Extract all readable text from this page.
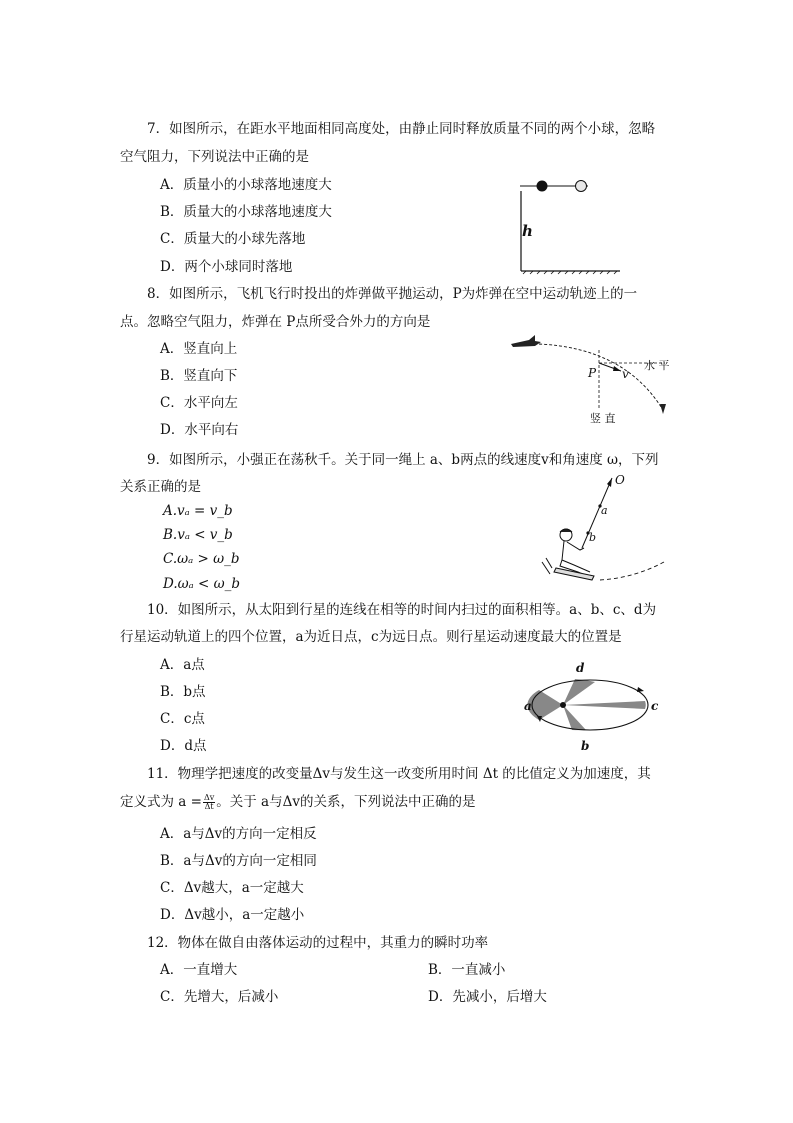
7．如图所示，在距水平地面相同高度处，由静止同时释放质量不同的两个小球，忽略
空气阻力，下列说法中正确的是
A．质量小的小球落地速度大
B．质量大的小球落地速度大
C．质量大的小球先落地
D．两个小球同时落地
h
8．如图所示，飞机飞行时投出的炸弹做平抛运动，P为炸弹在空中运动轨迹上的一
点。忽略空气阻力，炸弹在 P点所受合外力的方向是
A．竖直向上
B．竖直向下
C．水平向左
D．水平向右
P v
水 平
竖 直
9．如图所示，小强正在荡秋千。关于同一绳上 a、b两点的线速度v和角速度 ω，下列
关系正确的是
A.vₐ = v_b
B.vₐ < v_b
C.ωₐ > ω_b
D.ωₐ < ω_b
O
a
b
10．如图所示，从太阳到行星的连线在相等的时间内扫过的面积相等。a、b、c、d为
行星运动轨道上的四个位置，a为近日点，c为远日点。则行星运动速度最大的位置是
A．a点
B．b点
C．c点
D．d点
a
b
c
d
11．物理学把速度的改变量Δv与发生这一改变所用时间 Δt 的比值定义为加速度，其
定义式为 $a = \frac{\Delta v}{\Delta t}$ 。关于 a与Δv的关系，下列说法中正确的是
A．a与Δv的方向一定相反
B．a与Δv的方向一定相同
C．Δv越大，a一定越大
D．Δv越小，a一定越小
12．物体在做自由落体运动的过程中，其重力的瞬时功率
A．一直增大	B．一直减小
C．先增大，后减小	D．先减小，后增大
